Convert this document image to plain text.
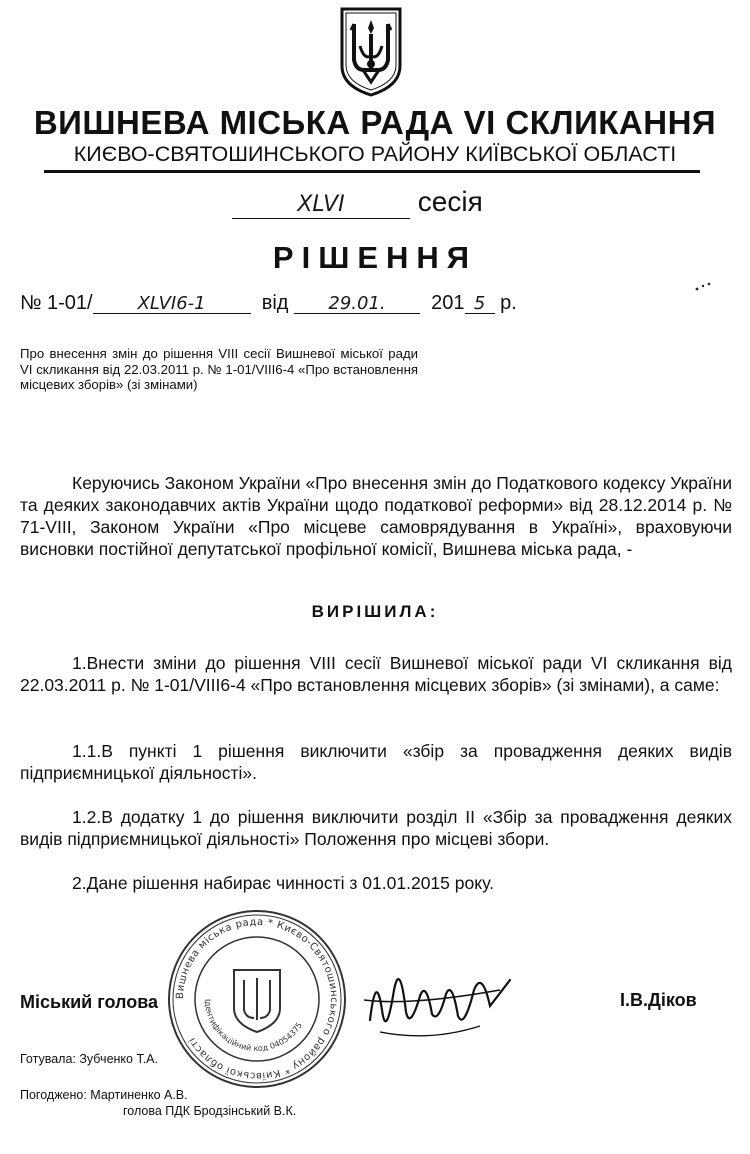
ВИШНЕВА МІСЬКА РАДА VI СКЛИКАННЯ
КИЄВО-СВЯТОШИНСЬКОГО РАЙОНУ КИЇВСЬКОЇ ОБЛАСТІ
XLVI	сесія
РІШЕННЯ
№ 1-01/ XLVI6-1	від 29.01. 201 5 р.
Про внесення змін до рішення VIII сесії Вишневої міської ради VI скликання від 22.03.2011 р. № 1-01/VIII6-4 «Про встановлення місцевих зборів» (зі змінами)
Керуючись Законом України «Про внесення змін до Податкового кодексу України та деяких законодавчих актів України щодо податкової реформи» від 28.12.2014 р. № 71-VIII, Законом України «Про місцеве самоврядування в Україні», враховуючи висновки постійної депутатської профільної комісії, Вишнева міська рада, -
ВИРІШИЛА:
1.Внести зміни до рішення VIII сесії Вишневої міської ради VI скликання від 22.03.2011 р. № 1-01/VIII6-4 «Про встановлення місцевих зборів» (зі змінами), а саме:
1.1.В пункті 1 рішення виключити «збір за провадження деяких видів підприємницької діяльності».
1.2.В додатку 1 до рішення виключити розділ II «Збір за провадження деяких видів підприємницької діяльності» Положення про місцеві збори.
2.Дане рішення набирає чинності з 01.01.2015 року.
Вишнева міська рада * Києво-Святошинського району * Київської області
Ідентифікаційний код 04054375
Міський голова	І.В.Діков
Готувала: Зубченко Т.А.
Погоджено: Мартиненко А.В.
голова ПДК Бродзінський В.К.
